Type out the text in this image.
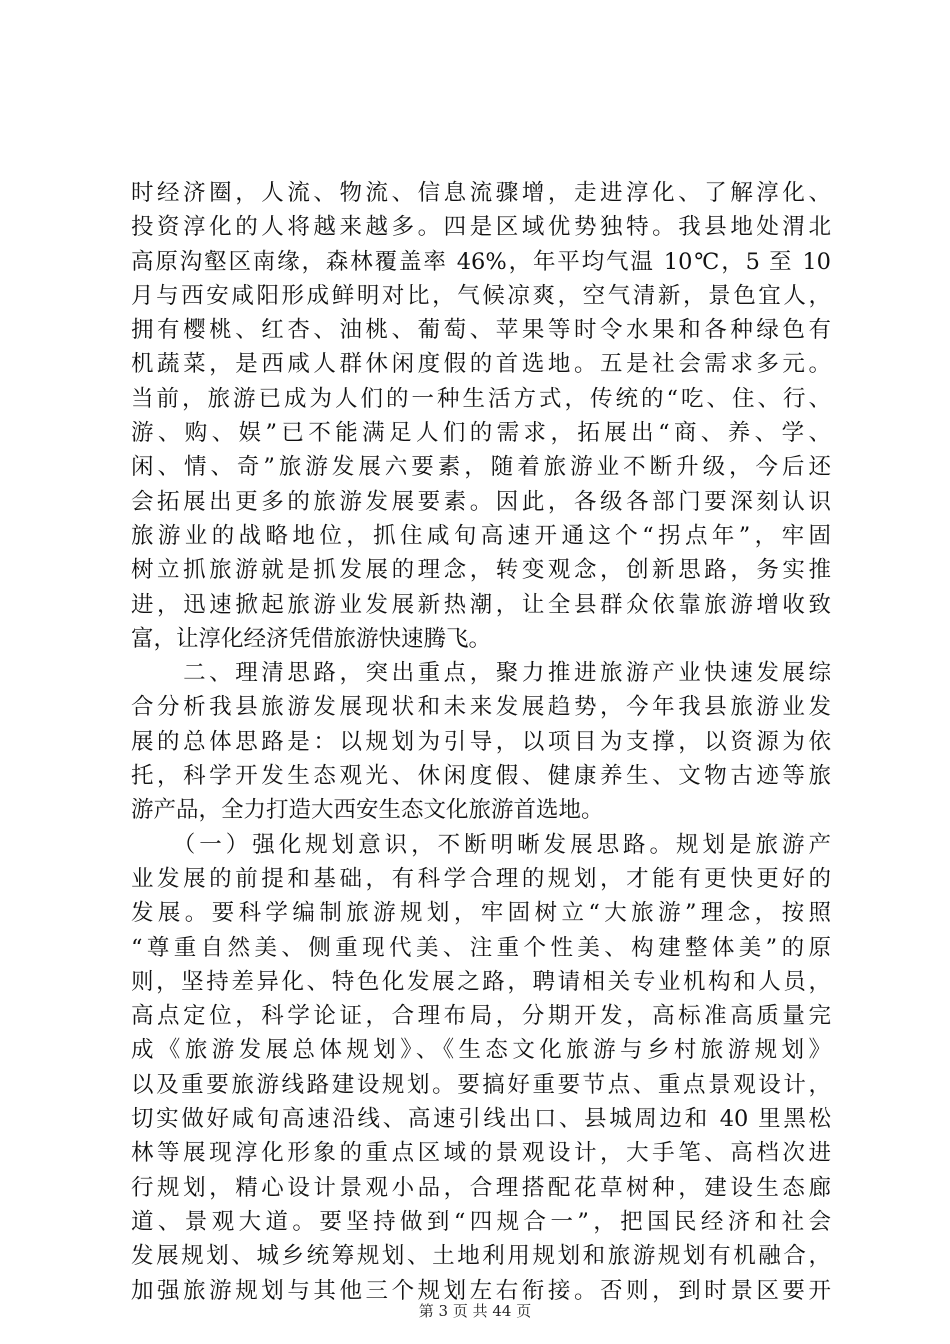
时经济圈，人流、物流、信息流骤增，走进淳化、了解淳化、
投资淳化的人将越来越多。四是区域优势独特。我县地处渭北
高原沟壑区南缘，森林覆盖率 46%，年平均气温 10℃，5 至 10
月与西安咸阳形成鲜明对比，气候凉爽，空气清新，景色宜人，
拥有樱桃、红杏、油桃、葡萄、苹果等时令水果和各种绿色有
机蔬菜，是西咸人群休闲度假的首选地。五是社会需求多元。
当前，旅游已成为人们的一种生活方式，传统的“吃、住、行、
游、购、娱”已不能满足人们的需求，拓展出“商、养、学、
闲、情、奇”旅游发展六要素，随着旅游业不断升级，今后还
会拓展出更多的旅游发展要素。因此，各级各部门要深刻认识
旅游业的战略地位，抓住咸旬高速开通这个“拐点年”，牢固
树立抓旅游就是抓发展的理念，转变观念，创新思路，务实推
进，迅速掀起旅游业发展新热潮，让全县群众依靠旅游增收致
富，让淳化经济凭借旅游快速腾飞。
　　二、理清思路，突出重点，聚力推进旅游产业快速发展综
合分析我县旅游发展现状和未来发展趋势，今年我县旅游业发
展的总体思路是：以规划为引导，以项目为支撑，以资源为依
托，科学开发生态观光、休闲度假、健康养生、文物古迹等旅
游产品，全力打造大西安生态文化旅游首选地。
　　（一）强化规划意识，不断明晰发展思路。规划是旅游产
业发展的前提和基础，有科学合理的规划，才能有更快更好的
发展。要科学编制旅游规划，牢固树立“大旅游”理念，按照
“尊重自然美、侧重现代美、注重个性美、构建整体美”的原
则，坚持差异化、特色化发展之路，聘请相关专业机构和人员，
高点定位，科学论证，合理布局，分期开发，高标准高质量完
成《旅游发展总体规划》、《生态文化旅游与乡村旅游规划》
以及重要旅游线路建设规划。要搞好重要节点、重点景观设计，
切实做好咸旬高速沿线、高速引线出口、县城周边和 40 里黑松
林等展现淳化形象的重点区域的景观设计，大手笔、高档次进
行规划，精心设计景观小品，合理搭配花草树种，建设生态廊
道、景观大道。要坚持做到“四规合一”，把国民经济和社会
发展规划、城乡统筹规划、土地利用规划和旅游规划有机融合，
加强旅游规划与其他三个规划左右衔接。否则，到时景区要开
第 3 页 共 44 页
